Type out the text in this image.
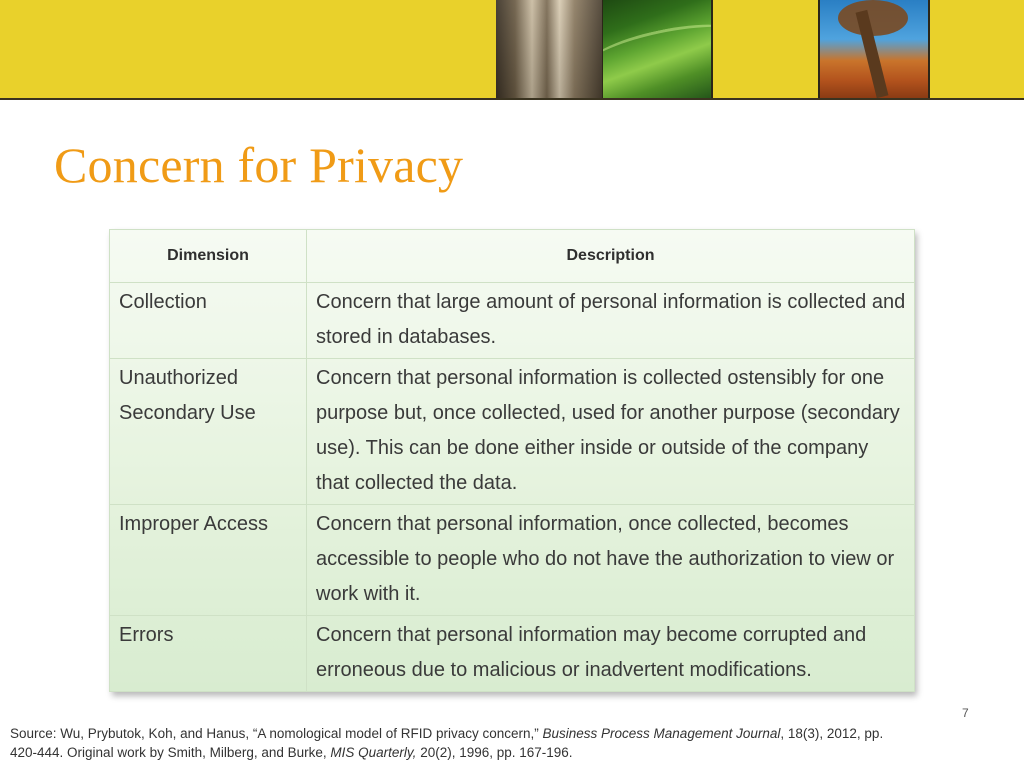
Concern for Privacy
Dimension	Description
Collection	Concern that large amount of personal information is collected and stored in databases.
Unauthorized Secondary Use	Concern that personal information is collected ostensibly for one purpose but, once collected, used for another purpose (secondary use). This can be done either inside or outside of the company that collected the data.
Improper Access	Concern that personal information, once collected, becomes accessible to people who do not have the authorization to view or work with it.
Errors	Concern that personal information may become corrupted and erroneous due to malicious or inadvertent modifications.
7
Source: Wu, Prybutok, Koh, and Hanus, “A nomological model of RFID privacy concern,” Business Process Management Journal, 18(3), 2012, pp. 420-444. Original work by Smith, Milberg, and Burke, MIS Quarterly, 20(2), 1996, pp. 167-196.
